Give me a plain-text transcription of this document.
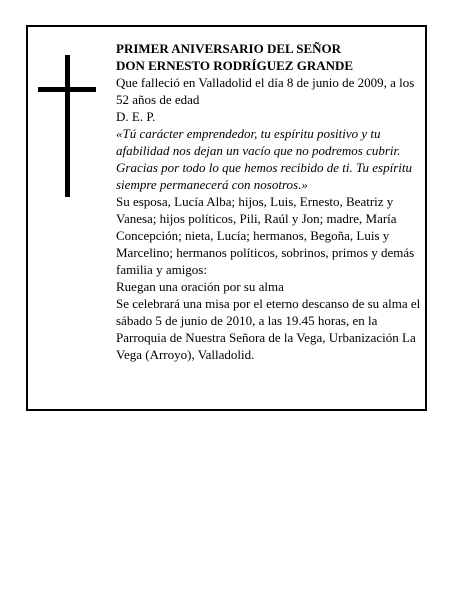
PRIMER ANIVERSARIO DEL SEÑOR

DON ERNESTO RODRÍGUEZ GRANDE

Que falleció en Valladolid el día 8 de junio de 2009, a los 52 años de edad

D. E. P.

«Tú carácter emprendedor, tu espíritu positivo y tu afabilidad nos dejan un vacío que no podremos cubrir. Gracias por todo lo que hemos recibido de ti. Tu espíritu siempre permanecerá con nosotros.»

Su esposa, Lucía Alba; hijos, Luis, Ernesto, Beatriz y Vanesa; hijos políticos, Pili, Raúl y Jon; madre, María Concepción; nieta, Lucía; hermanos, Begoña, Luis y Marcelino; hermanos políticos, sobrinos, primos y demás familia y amigos:

Ruegan una oración por su alma

Se celebrará una misa por el eterno descanso de su alma el sábado 5 de junio de 2010, a las 19.45 horas, en la Parroquia de Nuestra Señora de la Vega, Urbanización La Vega (Arroyo), Valladolid.
